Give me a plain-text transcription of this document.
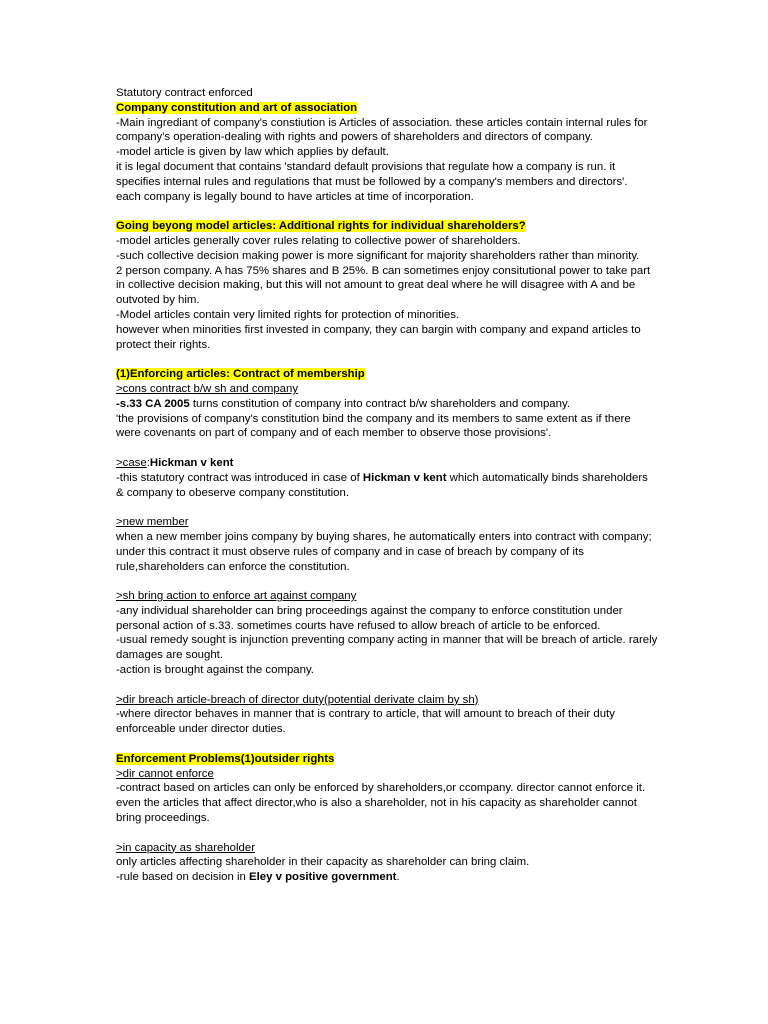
Statutory contract enforced

Company constitution and art of association

-Main ingrediant of company's constiution is Articles of association. these articles contain internal rules for company's operation-dealing with rights and powers of shareholders and directors of company.

-model article is given by law which applies by default.

it is legal document that contains 'standard default provisions that regulate how a company is run. it specifies internal rules and regulations that must be followed by a company's members and directors'.

each company is legally bound to have articles at time of incorporation.

Going beyong model articles: Additional rights for individual shareholders?

-model articles generally cover rules relating to collective power of shareholders.

-such collective decision making power is more significant for majority shareholders rather than minority.

2 person company. A has 75% shares and B 25%. B can sometimes enjoy consitutional power to take part in collective decision making, but this will not amount to great deal where he will disagree with A and be outvoted by him.

-Model articles contain very limited rights for protection of minorities.

however when minorities first invested in company, they can bargin with company and expand articles to protect their rights.

(1)Enforcing articles: Contract of membership

>cons contract b/w sh and company

-s.33 CA 2005 turns constitution of company into contract b/w shareholders and company.

'the provisions of company's constitution bind the company and its members to same extent as if there were covenants on part of company and of each member to observe those provisions'.

>case:Hickman v kent

-this statutory contract was introduced in case of Hickman v kent which automatically binds shareholders & company to obeserve company constitution.

>new member

when a new member joins company by buying shares, he automatically enters into contract with company; under this contract it must observe rules of company and in case of breach by company of its rule,shareholders can enforce the constitution.

>sh bring action to enforce art against company

-any individual shareholder can bring proceedings against the company to enforce constitution under personal action of s.33. sometimes courts have refused to allow breach of article to be enforced.

-usual remedy sought is injunction preventing company acting in manner that will be breach of article. rarely damages are sought.

-action is brought against the company.

>dir breach article-breach of director duty(potential derivate claim by sh)

-where director behaves in manner that is contrary to article, that will amount to breach of their duty enforceable under director duties.

Enforcement Problems(1)outsider rights

>dir cannot enforce

-contract based on articles can only be enforced by shareholders,or ccompany. director cannot enforce it.

even the articles that affect director,who is also a shareholder, not in his capacity as shareholder cannot bring proceedings.

>in capacity as shareholder

only articles affecting shareholder in their capacity as shareholder can bring claim.

-rule based on decision in Eley v positive government.
